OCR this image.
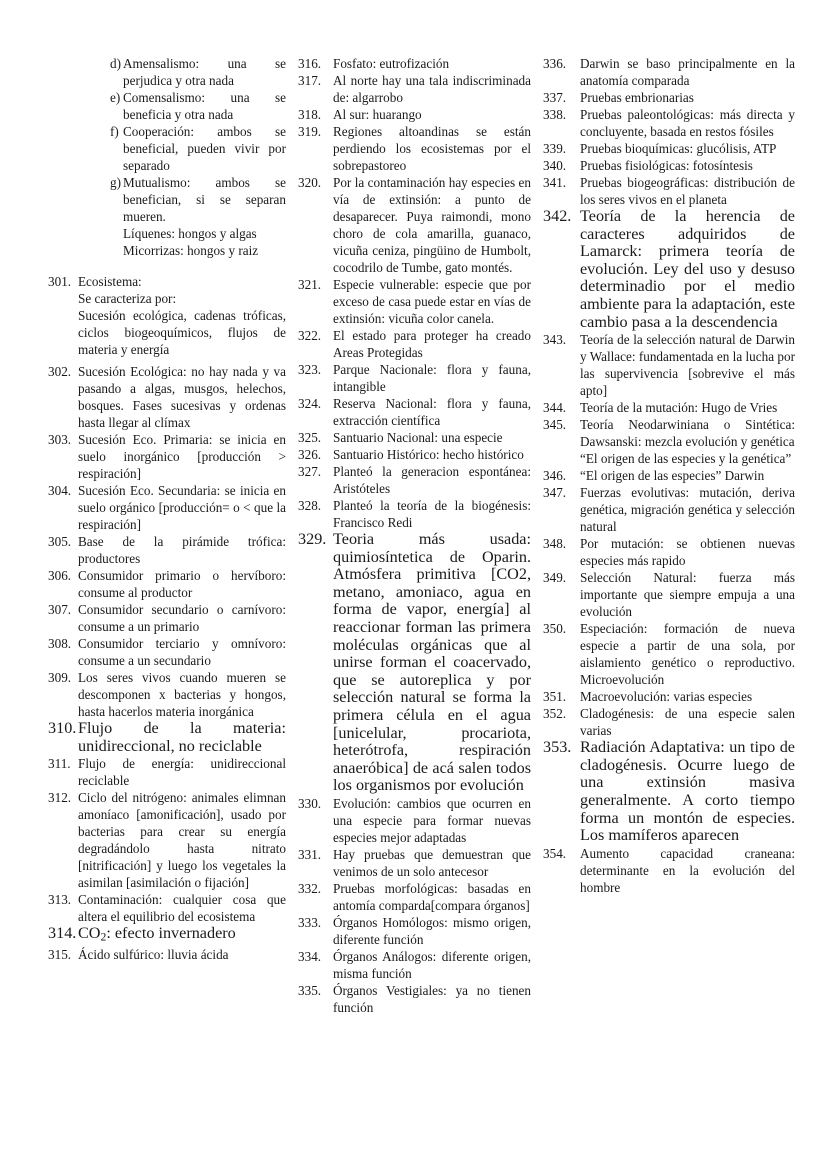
d) Amensalismo: una se perjudica y otra nada
e) Comensalismo: una se beneficia y otra nada
f) Cooperación: ambos se beneficial, pueden vivir por separado
g) Mutualismo: ambos se benefician, si se separan mueren.
Líquenes: hongos y algas
Micorrizas: hongos y raiz
301. Ecosistema:
Se caracteriza por:
Sucesión ecológica, cadenas tróficas, ciclos biogeoquímicos, flujos de materia y energía
302. Sucesión Ecológica: no hay nada y va pasando a algas, musgos, helechos, bosques. Fases sucesivas y ordenas hasta llegar al clímax
303. Sucesión Eco. Primaria: se inicia en suelo inorgánico [producción > respiración]
304. Sucesión Eco. Secundaria: se inicia en suelo orgánico [producción= o < que la respiración]
305. Base de la pirámide trófica: productores
306. Consumidor primario o hervíboro: consume al productor
307. Consumidor secundario o carnívoro: consume a un primario
308. Consumidor terciario y omnívoro: consume a un secundario
309. Los seres vivos cuando mueren se descomponen x bacterias y hongos, hasta hacerlos materia inorgánica
310. Flujo de la materia: unidireccional, no reciclable
311. Flujo de energía: unidireccional reciclable
312. Ciclo del nitrógeno: animales elimnan amoníaco [amonificación], usado por bacterias para crear su energía degradándolo hasta nitrato [nitrificación] y luego los vegetales la asimilan [asimilación o fijación]
313. Contaminación: cualquier cosa que altera el equilibrio del ecosistema
314. $CO_2$: efecto invernadero
315. Ácido sulfúrico: lluvia ácida
316. Fosfato: eutrofización
317. Al norte hay una tala indiscriminada de: algarrobo
318. Al sur: huarango
319. Regiones altoandinas se están perdiendo los ecosistemas por el sobrepastoreo
320. Por la contaminación hay especies en vía de extinsión: a punto de desaparecer. Puya raimondi, mono choro de cola amarilla, guanaco, vicuña ceniza, pingüino de Humbolt, cocodrilo de Tumbe, gato montés.
321. Especie vulnerable: especie que por exceso de casa puede estar en vías de extinsión: vicuña color canela.
322. El estado para proteger ha creado Areas Protegidas
323. Parque Nacionale: flora y fauna, intangible
324. Reserva Nacional: flora y fauna, extracción científica
325. Santuario Nacional: una especie
326. Santuario Histórico: hecho histórico
327. Planteó la generacion espontánea: Aristóteles
328. Planteó la teoría de la biogénesis: Francisco Redi
329. Teoria más usada: quimiosíntetica de Oparin. Atmósfera primitiva [CO2, metano, amoniaco, agua en forma de vapor, energía] al reaccionar forman las primera moléculas orgánicas que al unirse forman el coacervado, que se autoreplica y por selección natural se forma la primera célula en el agua [unicelular, procariota, heterótrofa, respiración anaeróbica] de acá salen todos los organismos por evolución
330. Evolución: cambios que ocurren en una especie para formar nuevas especies mejor adaptadas
331. Hay pruebas que demuestran que venimos de un solo antecesor
332. Pruebas morfológicas: basadas en antomía comparda[compara órganos]
333. Órganos Homólogos: mismo origen, diferente función
334. Órganos Análogos: diferente origen, misma función
335. Órganos Vestigiales: ya no tienen función
336.	Darwin se baso principalmente en la anatomía comparada
337.	Pruebas embrionarias
338.	Pruebas paleontológicas: más directa y concluyente, basada en restos fósiles
339.	Pruebas bioquímicas: glucólisis, ATP
340.	Pruebas fisiológicas: fotosíntesis
341.	Pruebas biogeográficas: distribución de los seres vivos en el planeta
342. Teoría de la herencia de caracteres adquiridos de Lamarck: primera teoría de evolución. Ley del uso y desuso determinadio por el medio ambiente para la adaptación, este cambio pasa a la descendencia
343.	Teoría de la selección natural de Darwin y Wallace: fundamentada en la lucha por las supervivencia [sobrevive el más apto]
344.	Teoría de la mutación: Hugo de Vries
345.	Teoría Neodarwiniana o Sintética: Dawsanski: mezcla evolución y genética
“El origen de las especies y la genética”
346.	“El origen de las especies” Darwin
347.	Fuerzas evolutivas: mutación, deriva genética, migración genética y selección natural
348.	Por mutación: se obtienen nuevas especies más rapido
349.	Selección Natural: fuerza más importante que siempre empuja a una evolución
350.	Especiación: formación de nueva especie a partir de una sola, por aislamiento genético o reproductivo. Microevolución
351.	Macroevolución: varias especies
352.	Cladogénesis: de una especie salen varias
353. Radiación Adaptativa: un tipo de cladogénesis. Ocurre luego de una extinsión masiva generalmente. A corto tiempo forma un montón de especies. Los mamíferos aparecen
354.	Aumento capacidad craneana: determinante en la evolución del hombre
